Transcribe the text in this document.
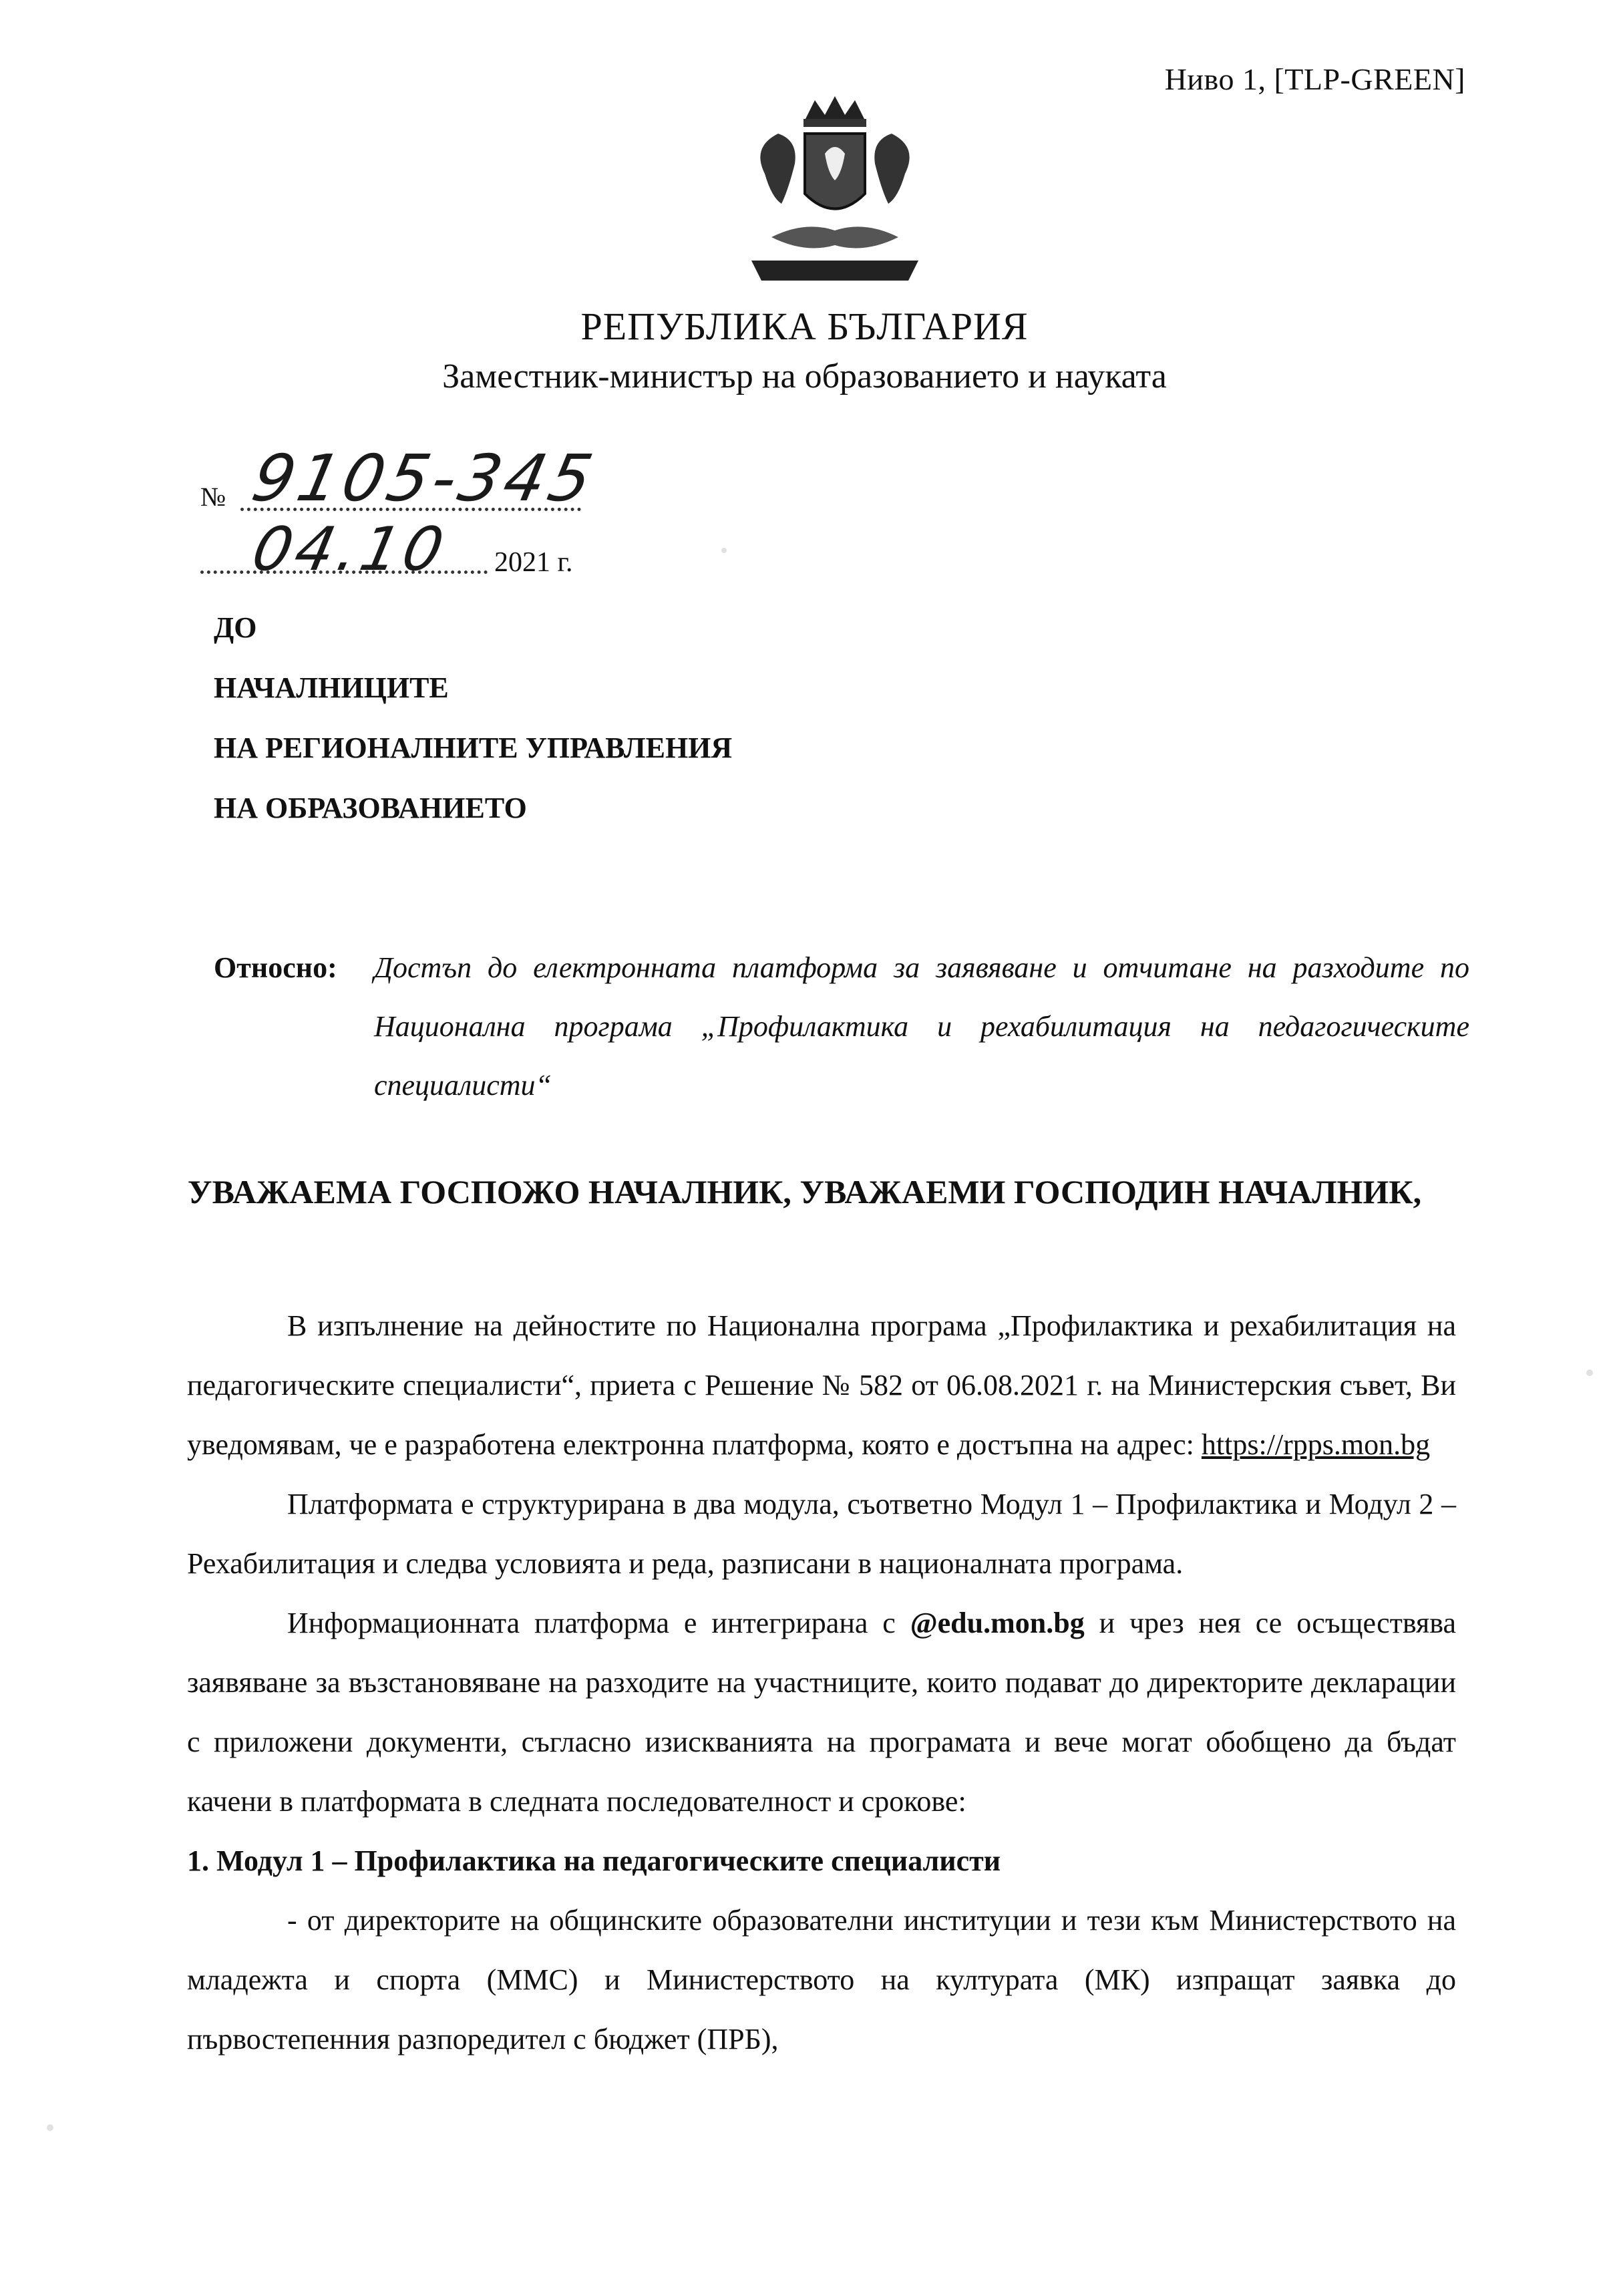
Ниво 1, [TLP-GREEN]
РЕПУБЛИКА БЪЛГАРИЯ
Заместник-министър на образованието и науката
№ 9105-345
04.10 2021 г.
ДО
НАЧАЛНИЦИТЕ
НА РЕГИОНАЛНИТЕ УПРАВЛЕНИЯ
НА ОБРАЗОВАНИЕТО
Относно: Достъп до електронната платформа за заявяване и отчитане на разходите по Национална програма „Профилактика и рехабилитация на педагогическите специалисти“
УВАЖАЕМА ГОСПОЖО НАЧАЛНИК, УВАЖАЕМИ ГОСПОДИН НАЧАЛНИК,

В изпълнение на дейностите по Национална програма „Профилактика и рехабилитация на педагогическите специалисти“, приета с Решение № 582 от 06.08.2021 г. на Министерския съвет, Ви уведомявам, че е разработена електронна платформа, която е достъпна на адрес: https://rpps.mon.bg

Платформата е структурирана в два модула, съответно Модул 1 – Профилактика и Модул 2 – Рехабилитация и следва условията и реда, разписани в националната програма.

Информационната платформа е интегрирана с @edu.mon.bg и чрез нея се осъществява заявяване за възстановяване на разходите на участниците, които подават до директорите декларации с приложени документи, съгласно изискванията на програмата и вече могат обобщено да бъдат качени в платформата в следната последователност и срокове:

1. Модул 1 – Профилактика на педагогическите специалисти

- от директорите на общинските образователни институции и тези към Министерството на младежта и спорта (ММС) и Министерството на културата (МК) изпращат заявка до първостепенния разпоредител с бюджет (ПРБ),
